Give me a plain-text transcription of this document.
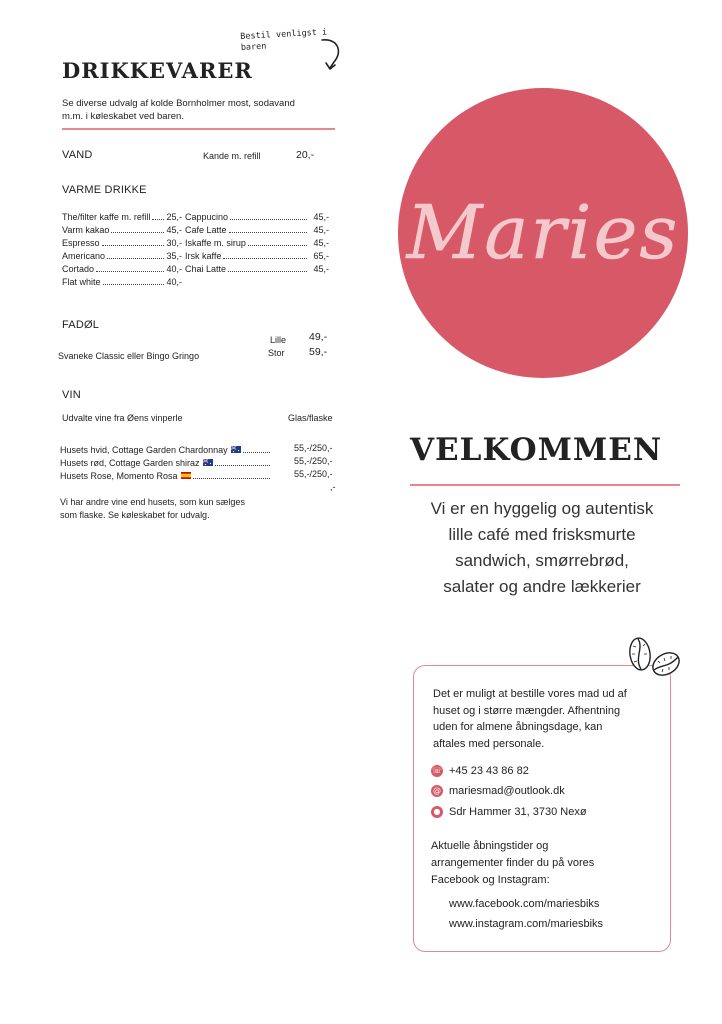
DRIKKEVARER
Bestil venligst i
baren
Se diverse udvalg af kolde Bornholmer most, sodavand
m.m. i køleskabet ved baren.
VAND	Kande m. refill	20,-
VARME DRIKKE
The/filter kaffe m. refill 25,-
Varm kakao	45,-
Espresso	30,-
Americano	35,-
Cortado	40,-
Flat white	40,-
Cappucino	45,-
Cafe Latte	45,-
Iskaffe m. sirup	45,-
Irsk kaffe	65,-
Chai Latte	45,-
FADØL
Lille 49,-
Svaneke Classic eller Bingo Gringo	Stor 59,-
VIN
Udvalte vine fra Øens vinperle	Glas/flaske
Husets hvid, Cottage Garden Chardonnay	55,-/250,-
Husets rød, Cottage Garden shiraz	55,-/250,-
Husets Rose, Momento Rosa	55,-/250,-
,-
Vi har andre vine end husets, som kun sælges
som flaske. Se køleskabet for udvalg.
Maries
VELKOMMEN
Vi er en hyggelig og autentisk
lille café med frisksmurte
sandwich, smørrebrød,
salater og andre lækkerier
Det er muligt at bestille vores mad ud af
huset og i større mængder. Afhentning
uden for almene åbningsdage, kan
aftales med personale.
☏ +45 23 43 86 82
@ mariesmad@outlook.dk
● Sdr Hammer 31, 3730 Nexø
Aktuelle åbningstider og
arrangementer finder du på vores
Facebook og Instagram:
www.facebook.com/mariesbiks
www.instagram.com/mariesbiks
